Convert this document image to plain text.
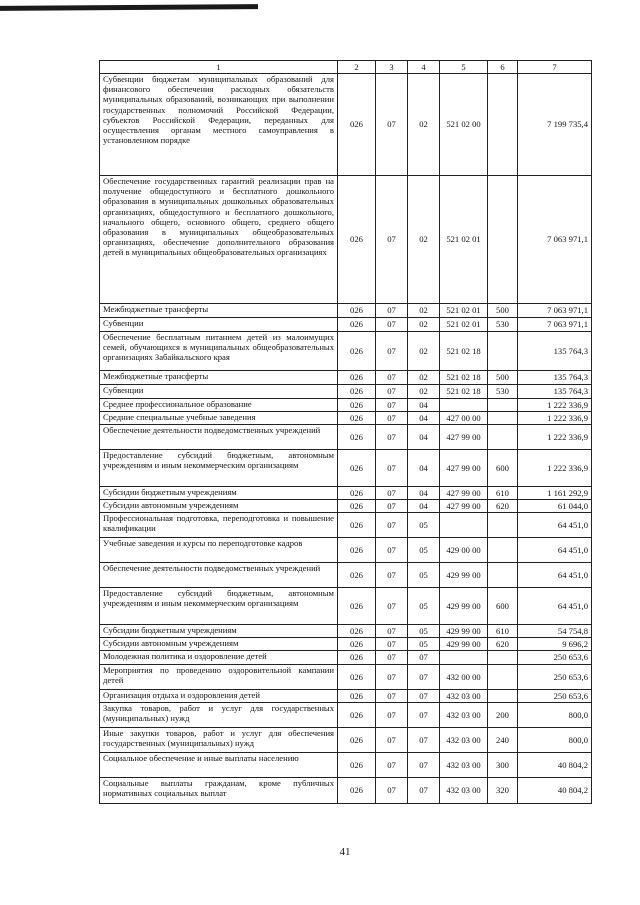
1	2	3	4	5	6	7
Субвенции бюджетам муниципальных образований для финансового обеспечения расходных обязательств муниципальных образований, возникающих при выполнении государственных полномочий Российской Федерации, субъектов Российской Федерации, переданных для осуществления органам местного самоуправления в установленном порядке	026	07	02	521 02 00		7 199 735,4
Обеспечение государственных гарантий реализации прав на получение общедоступного и бесплатного дошкольного образования в муниципальных дошкольных образовательных организациях, общедоступного и бесплатного дошкольного, начального общего, основного общего, среднего общего образования в муниципальных общеобразовательных организациях, обеспечение дополнительного образования детей в муниципальных общеобразовательных организациях	026	07	02	521 02 01		7 063 971,1
Межбюджетные трансферты	026	07	02	521 02 01	500	7 063 971,1
Субвенции	026	07	02	521 02 01	530	7 063 971,1
Обеспечение бесплатным питанием детей из малоимущих семей, обучающихся в муниципальных общеобразовательных организациях Забайкальского края	026	07	02	521 02 18		135 764,3
Межбюджетные трансферты	026	07	02	521 02 18	500	135 764,3
Субвенции	026	07	02	521 02 18	530	135 764,3
Среднее профессиональное образование	026	07	04			1 222 336,9
Средние специальные учебные заведения	026	07	04	427 00 00		1 222 336,9
Обеспечение деятельности подведомственных учреждений	026	07	04	427 99 00		1 222 336,9
Предоставление субсидий бюджетным, автономным учреждениям и иным некоммерческим организациям	026	07	04	427 99 00	600	1 222 336,9
Субсидии бюджетным учреждениям	026	07	04	427 99 00	610	1 161 292,9
Субсидии автономным учреждениям	026	07	04	427 99 00	620	61 044,0
Профессиональная подготовка, переподготовка и повышение квалификации	026	07	05			64 451,0
Учебные заведения и курсы по переподготовке кадров	026	07	05	429 00 00		64 451,0
Обеспечение деятельности подведомственных учреждений	026	07	05	429 99 00		64 451,0
Предоставление субсидий бюджетным, автономным учреждениям и иным некоммерческим организациям	026	07	05	429 99 00	600	64 451,0
Субсидии бюджетным учреждениям	026	07	05	429 99 00	610	54 754,8
Субсидии автономным учреждениям	026	07	05	429 99 00	620	9 696,2
Молодежная политика и оздоровление детей	026	07	07			250 653,6
Мероприятия по проведению оздоровительной кампании детей	026	07	07	432 00 00		250 653,6
Организация отдыха и оздоровления детей	026	07	07	432 03 00		250 653,6
Закупка товаров, работ и услуг для государственных (муниципальных) нужд	026	07	07	432 03 00	200	800,0
Иные закупки товаров, работ и услуг для обеспечения государственных (муниципальных) нужд	026	07	07	432 03 00	240	800,0
Социальное обеспечение и иные выплаты населению	026	07	07	432 03 00	300	40 804,2
Социальные выплаты гражданам, кроме публичных нормативных социальных выплат	026	07	07	432 03 00	320	40 804,2
41
